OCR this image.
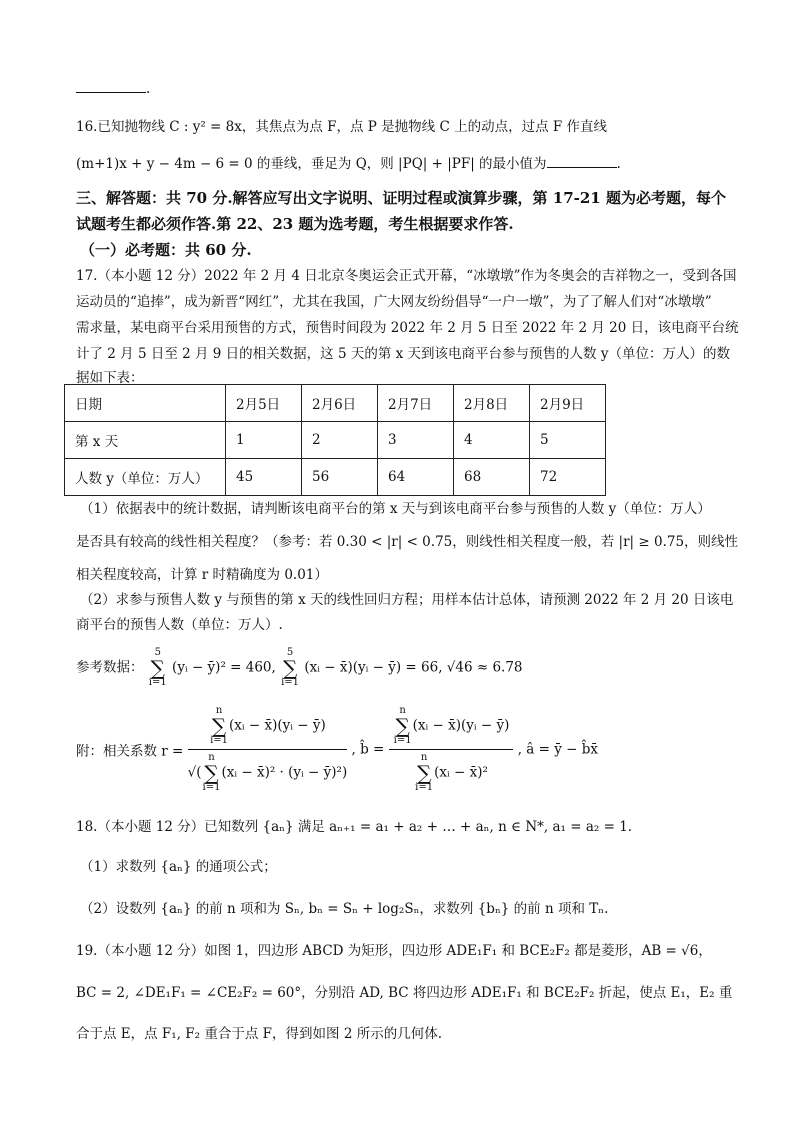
.
16.已知抛物线 C : y² = 8x，其焦点为点 F，点 P 是抛物线 C 上的动点，过点 F 作直线
(m+1)x + y − 4m − 6 = 0 的垂线，垂足为 Q，则 |PQ| + |PF| 的最小值为	.
三、解答题：共 70 分.解答应写出文字说明、证明过程或演算步骤，第 17-21 题为必考题，每个
试题考生都必须作答.第 22、23 题为选考题，考生根据要求作答.
（一）必考题：共 60 分.
17.（本小题 12 分）2022 年 2 月 4 日北京冬奥运会正式开幕，“冰墩墩”作为冬奥会的吉祥物之一，受到各国
运动员的“追捧”，成为新晋“网红”，尤其在我国，广大网友纷纷倡导“一户一墩”，为了了解人们对“冰墩墩”
需求量，某电商平台采用预售的方式，预售时间段为 2022 年 2 月 5 日至 2022 年 2 月 20 日，该电商平台统
计了 2 月 5 日至 2 月 9 日的相关数据，这 5 天的第 x 天到该电商平台参与预售的人数 y（单位：万人）的数
据如下表：
日期	2月5日	2月6日	2月7日	2月8日	2月9日
第 x 天	1	2	3	4	5
人数 y（单位：万人）	45	56	64	68	72
（1）依据表中的统计数据，请判断该电商平台的第 x 天与到该电商平台参与预售的人数 y（单位：万人）
是否具有较高的线性相关程度？（参考：若 0.30 < |r| < 0.75，则线性相关程度一般，若 |r| ≥ 0.75，则线性
相关程度较高，计算 r 时精确度为 0.01）
（2）求参与预售人数 y 与预售的第 x 天的线性回归方程；用样本估计总体，请预测 2022 年 2 月 20 日该电
商平台的预售人数（单位：万人）.
参考数据： 5
∑
i=1 (yᵢ − ȳ)² = 460, 5
∑
i=1 (xᵢ − x̄)(yᵢ − ȳ) = 66, √46 ≈ 6.78
附：相关系数 r = n
∑
i=1(xᵢ − x̄)(yᵢ − ȳ)
√(n
∑
i=1(xᵢ − x̄)² · (yᵢ − ȳ)²) , b̂ = n
∑
i=1(xᵢ − x̄)(yᵢ − ȳ)
n
∑
i=1(xᵢ − x̄)² , â = ȳ − b̂x̄
18.（本小题 12 分）已知数列 {aₙ} 满足 aₙ₊₁ = a₁ + a₂ + … + aₙ, n ∈ N*, a₁ = a₂ = 1.
（1）求数列 {aₙ} 的通项公式；
（2）设数列 {aₙ} 的前 n 项和为 Sₙ, bₙ = Sₙ + log₂Sₙ，求数列 {bₙ} 的前 n 项和 Tₙ.
19.（本小题 12 分）如图 1，四边形 ABCD 为矩形，四边形 ADE₁F₁ 和 BCE₂F₂ 都是菱形，AB = √6，
BC = 2, ∠DE₁F₁ = ∠CE₂F₂ = 60°，分别沿 AD, BC 将四边形 ADE₁F₁ 和 BCE₂F₂ 折起，使点 E₁，E₂ 重
合于点 E，点 F₁, F₂ 重合于点 F，得到如图 2 所示的几何体.
